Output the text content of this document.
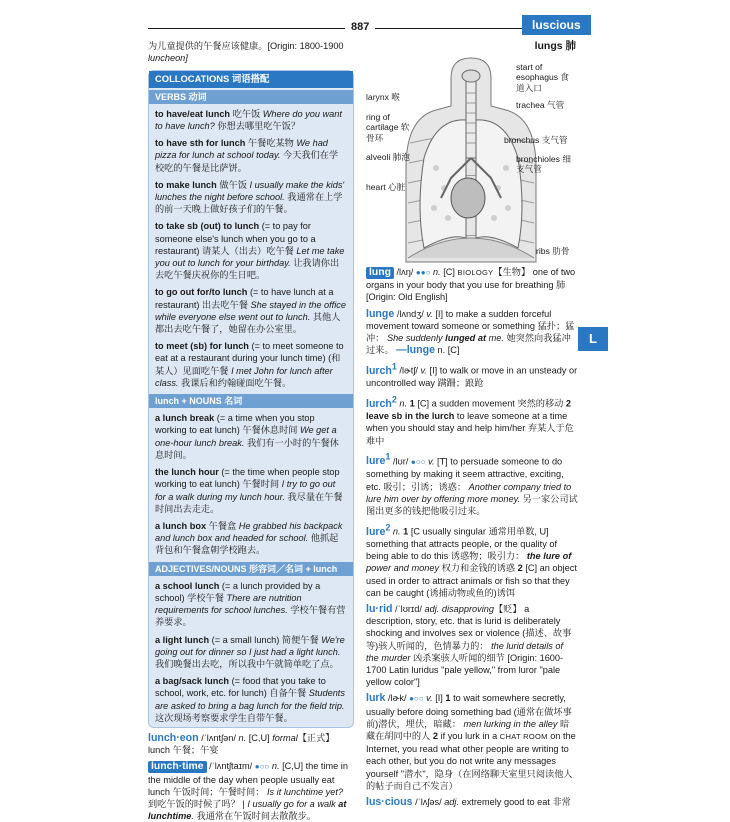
887	luscious
L
为儿童提供的午餐应该健康。[Origin: 1800-1900
luncheon]
COLLOCATIONS 词语搭配
VERBS 动词
to have/eat lunch 吃午饭 Where do you want to have lunch? 你想去哪里吃午饭？
to have sth for lunch 午餐吃某物 We had pizza for lunch at school today. 今天我们在学校吃的午餐是比萨饼。
to make lunch 做午饭 I usually make the kids' lunches the night before school. 我通常在上学的前一天晚上做好孩子们的午餐。
to take sb (out) to lunch (= to pay for someone else's lunch when you go to a restaurant) 请某人（出去）吃午餐 Let me take you out to lunch for your birthday. 让我请你出去吃午餐庆祝你的生日吧。
to go out for/to lunch (= to have lunch at a restaurant) 出去吃午餐 She stayed in the office while everyone else went out to lunch. 其他人都出去吃午餐了，她留在办公室里。
to meet (sb) for lunch (= to meet someone to eat at a restaurant during your lunch time) (和某人）见面吃午餐 I met John for lunch after class. 我课后和约翰碰面吃午餐。
lunch + NOUNS 名词
a lunch break (= a time when you stop working to eat lunch) 午餐休息时间 We get a one-hour lunch break. 我们有一小时的午餐休息时间。
the lunch hour (= the time when people stop working to eat lunch) 午餐时间 I try to go out for a walk during my lunch hour. 我尽量在午餐时间出去走走。
a lunch box 午餐盒 He grabbed his backpack and lunch box and headed for school. 他抓起背包和午餐盒朝学校跑去。
ADJECTIVES/NOUNS 形容词／名词 + lunch
a school lunch (= a lunch provided by a school) 学校午餐 There are nutrition requirements for school lunches. 学校午餐有营养要求。
a light lunch (= a small lunch) 简便午餐 We're going out for dinner so I just had a light lunch. 我们晚餐出去吃，所以我中午就简单吃了点。
a bag/sack lunch (= food that you take to school, work, etc. for lunch) 自备午餐 Students are asked to bring a bag lunch for the field trip. 这次现场考察要求学生自带午餐。
lunch·eon /ˈlʌntʃən/ n. [C,U] formal【正式】 lunch 午餐；午宴
lunch·time /ˈlʌntʃtaɪm/ ●○○ n. [C,U] the time in the middle of the day when people usually eat lunch 午饭时间；午餐时间： Is it lunchtime yet? 到吃午饭的时候了吗？ | I usually go for a walk at lunchtime. 我通常在午饭时间去散散步。
lungs 肺
start of esophagus 食道入口
larynx 喉
trachea 气管
ring of cartilage 软骨环	bronchus 支气管
alveoli 肺泡	bronchioles 细支气管
heart 心脏
ribs 肋骨
lung /lʌŋ/ ●●○ n. [C] BIOLOGY【生物】 one of two organs in your body that you use for breathing 肺 [Origin: Old English]
lunge /lʌndʒ/ v. [I] to make a sudden forceful movement toward someone or something 猛扑；猛冲： She suddenly lunged at me. 她突然向我猛冲过来。 —lunge n. [C]
lurch$^1$ /lɚtʃ/ v. [I] to walk or move in an unsteady or uncontrolled way 蹒跚；踉跄
lurch$^2$ n. 1 [C] a sudden movement 突然的移动 2 leave sb in the lurch to leave someone at a time when you should stay and help him/her 弃某人于危难中
lure$^1$ /lʊr/ ●○○ v. [T] to persuade someone to do something by making it seem attractive, exciting, etc. 吸引；引诱；诱惑： Another company tried to lure him over by offering more money. 另一家公司试图出更多的钱把他吸引过来。
lure$^2$ n. 1 [C usually singular 通常用单数, U] something that attracts people, or the quality of being able to do this 诱惑物；吸引力： the lure of power and money 权力和金钱的诱惑 2 [C] an object used in order to attract animals or fish so that they can be caught (诱捕动物或鱼的)诱饵
lu·rid /ˈlʊrɪd/ adj. disapproving【贬】 a description, story, etc. that is lurid is deliberately shocking and involves sex or violence (描述、故事等)骇人听闻的，色情暴力的： the lurid details of the murder 凶杀案骇人听闻的细节 [Origin: 1600-1700 Latin luridus "pale yellow," from luror "pale yellow color"]
lurk /lɚk/ ●○○ v. [I] 1 to wait somewhere secretly, usually before doing something bad (通常在做坏事前)潜伏，埋伏，暗藏： men lurking in the alley 暗藏在胡同中的人 2 if you lurk in a CHAT ROOM on the Internet, you read what other people are writing to each other, but you do not write any messages yourself "潜水"，隐身（在网络聊天室里只阅读他人的帖子而自己不发言）
lus·cious /ˈlʌʃəs/ adj. extremely good to eat 非常
